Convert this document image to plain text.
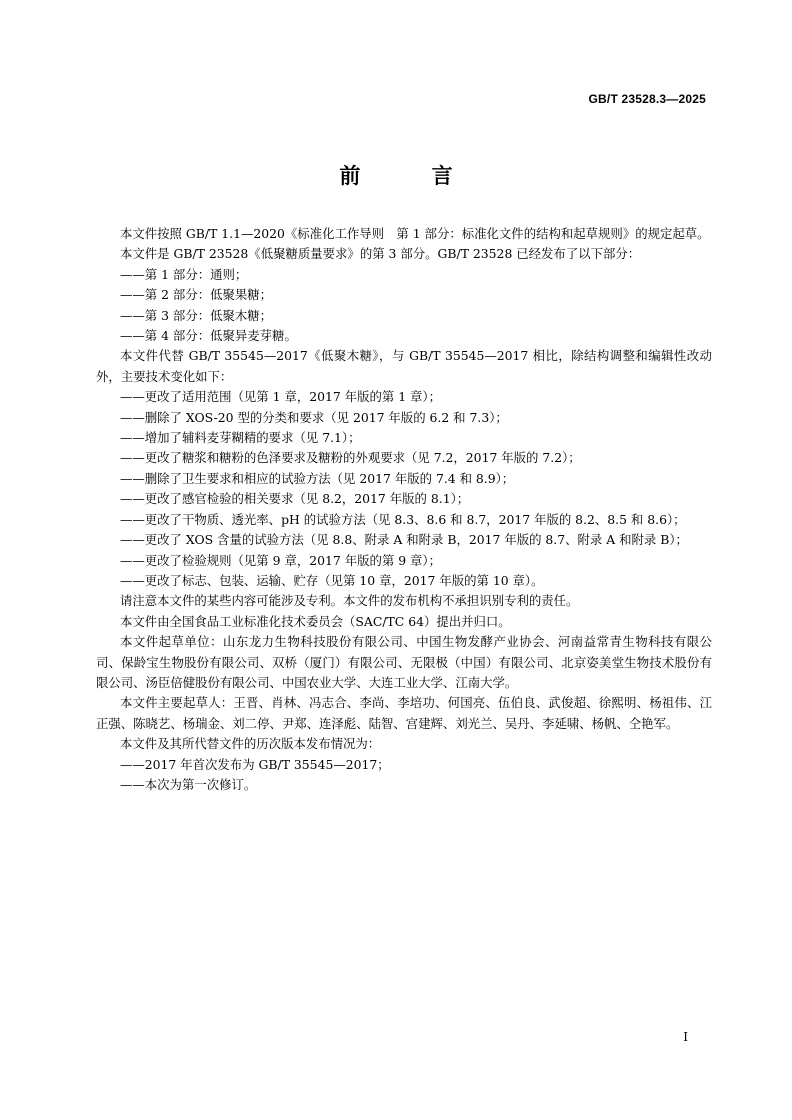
GB/T 23528.3—2025
前 言

本文件按照 GB/T 1.1—2020《标准化工作导则　第 1 部分：标准化文件的结构和起草规则》的规定起草。

本文件是 GB/T 23528《低聚糖质量要求》的第 3 部分。GB/T 23528 已经发布了以下部分：

——第 1 部分：通则；

——第 2 部分：低聚果糖；

——第 3 部分：低聚木糖；

——第 4 部分：低聚异麦芽糖。

本文件代替 GB/T 35545—2017《低聚木糖》，与 GB/T 35545—2017 相比，除结构调整和编辑性改动外，主要技术变化如下：

——更改了适用范围（见第 1 章，2017 年版的第 1 章）；

——删除了 XOS-20 型的分类和要求（见 2017 年版的 6.2 和 7.3）；

——增加了辅料麦芽糊精的要求（见 7.1）；

——更改了糖浆和糖粉的色泽要求及糖粉的外观要求（见 7.2，2017 年版的 7.2）；

——删除了卫生要求和相应的试验方法（见 2017 年版的 7.4 和 8.9）；

——更改了感官检验的相关要求（见 8.2，2017 年版的 8.1）；

——更改了干物质、透光率、pH 的试验方法（见 8.3、8.6 和 8.7，2017 年版的 8.2、8.5 和 8.6）；

——更改了 XOS 含量的试验方法（见 8.8、附录 A 和附录 B，2017 年版的 8.7、附录 A 和附录 B）；

——更改了检验规则（见第 9 章，2017 年版的第 9 章）；

——更改了标志、包装、运输、贮存（见第 10 章，2017 年版的第 10 章）。

请注意本文件的某些内容可能涉及专利。本文件的发布机构不承担识别专利的责任。

本文件由全国食品工业标准化技术委员会（SAC/TC 64）提出并归口。

本文件起草单位：山东龙力生物科技股份有限公司、中国生物发酵产业协会、河南益常青生物科技有限公司、保龄宝生物股份有限公司、双桥（厦门）有限公司、无限极（中国）有限公司、北京姿美堂生物技术股份有限公司、汤臣倍健股份有限公司、中国农业大学、大连工业大学、江南大学。

本文件主要起草人：王晋、肖林、冯志合、李尚、李培功、何国亮、伍伯良、武俊超、徐熙明、杨祖伟、江正强、陈晓艺、杨瑞金、刘二停、尹郑、连泽彪、陆智、宫建辉、刘光兰、吴丹、李延啸、杨帆、仝艳军。

本文件及其所代替文件的历次版本发布情况为：

——2017 年首次发布为 GB/T 35545—2017；

——本次为第一次修订。

I
